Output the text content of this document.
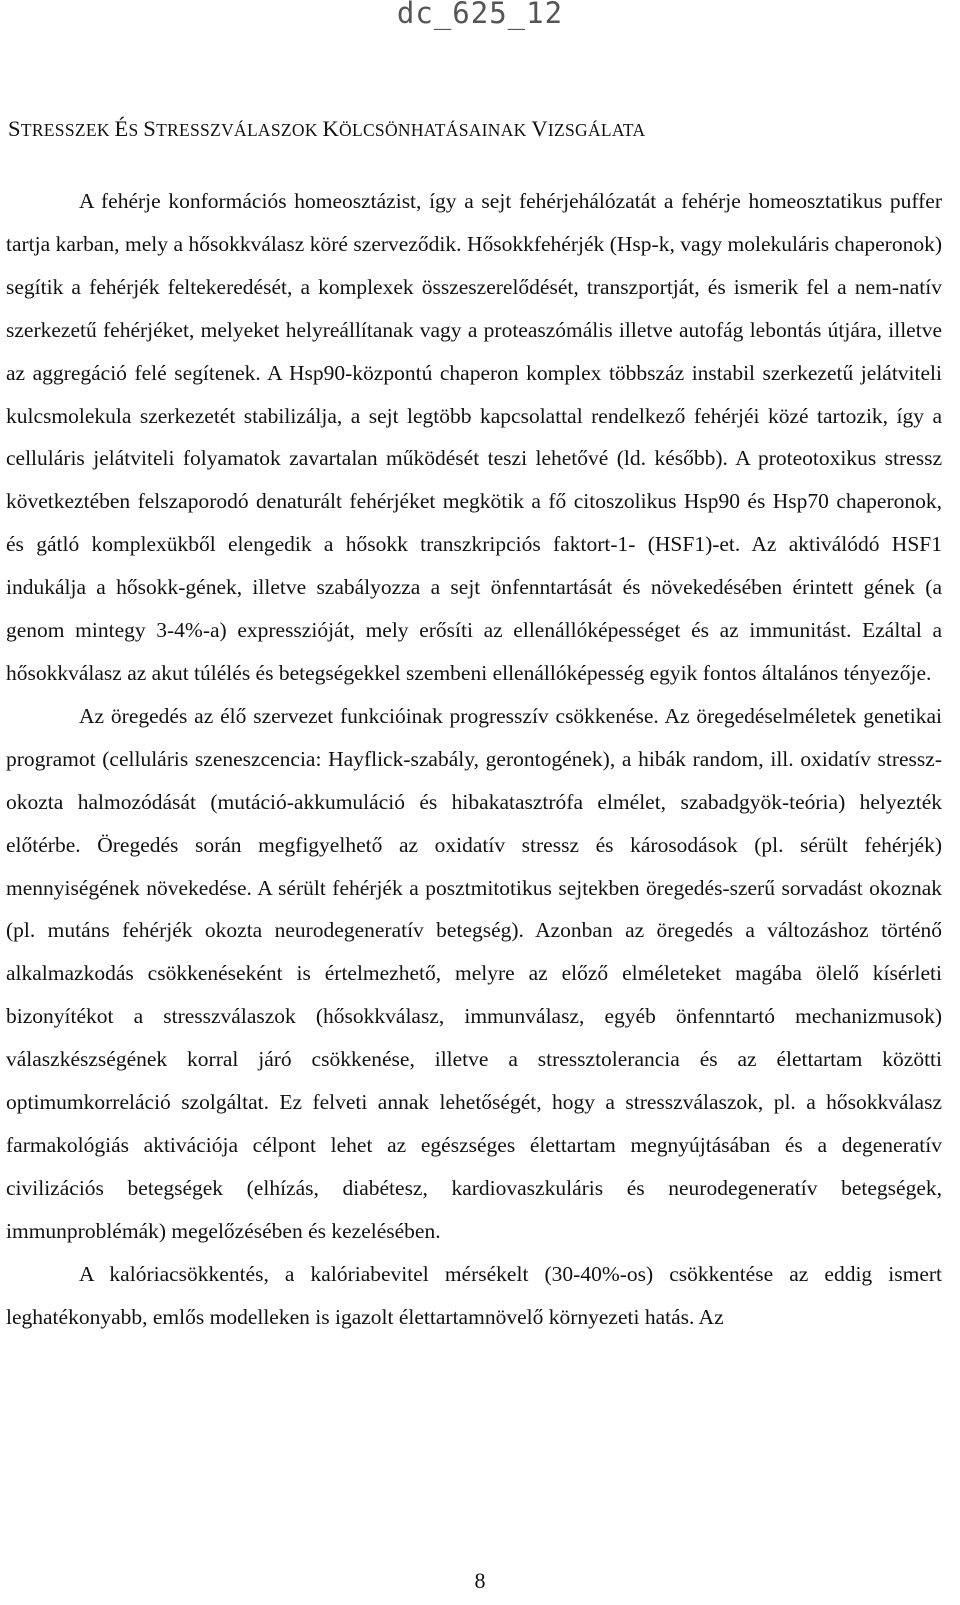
dc_625_12
STRESSZEK ÉS STRESSZVÁLASZOK KÖLCSÖNHATÁSAINAK VIZSGÁLATA

A fehérje konformációs homeosztázist, így a sejt fehérjehálózatát a fehérje homeosztatikus puffer tartja karban, mely a hősokkválasz köré szerveződik. Hősokkfehérjék (Hsp-k, vagy molekuláris chaperonok) segítik a fehérjék feltekeredését, a komplexek összeszerelődését, transzportját, és ismerik fel a nem-natív szerkezetű fehérjéket, melyeket helyreállítanak vagy a proteaszómális illetve autofág lebontás útjára, illetve az aggregáció felé segítenek. A Hsp90-központú chaperon komplex többszáz instabil szerkezetű jelátviteli kulcsmolekula szerkezetét stabilizálja, a sejt legtöbb kapcsolattal rendelkező fehérjéi közé tartozik, így a celluláris jelátviteli folyamatok zavartalan működését teszi lehetővé (ld. később). A proteotoxikus stressz következtében felszaporodó denaturált fehérjéket megkötik a fő citoszolikus Hsp90 és Hsp70 chaperonok, és gátló komplexükből elengedik a hősokk transzkripciós faktort-1- (HSF1)-et. Az aktiválódó HSF1 indukálja a hősokk-gének, illetve szabályozza a sejt önfenntartását és növekedésében érintett gének (a genom mintegy 3-4%-a) expresszióját, mely erősíti az ellenállóképességet és az immunitást. Ezáltal a hősokkválasz az akut túlélés és betegségekkel szembeni ellenállóképesség egyik fontos általános tényezője.

Az öregedés az élő szervezet funkcióinak progresszív csökkenése. Az öregedéselméletek genetikai programot (celluláris szeneszcencia: Hayflick-szabály, gerontogének), a hibák random, ill. oxidatív stressz-okozta halmozódását (mutáció-akkumuláció és hibakatasztrófa elmélet, szabadgyök-teória) helyezték előtérbe. Öregedés során megfigyelhető az oxidatív stressz és károsodások (pl. sérült fehérjék) mennyiségének növekedése. A sérült fehérjék a posztmitotikus sejtekben öregedés-szerű sorvadást okoznak (pl. mutáns fehérjék okozta neurodegeneratív betegség). Azonban az öregedés a változáshoz történő alkalmazkodás csökkenéseként is értelmezhető, melyre az előző elméleteket magába ölelő kísérleti bizonyítékot a stresszválaszok (hősokkválasz, immunválasz, egyéb önfenntartó mechanizmusok) válaszkészségének korral járó csökkenése, illetve a stressztolerancia és az élettartam közötti optimumkorreláció szolgáltat. Ez felveti annak lehetőségét, hogy a stresszválaszok, pl. a hősokkválasz farmakológiás aktivációja célpont lehet az egészséges élettartam megnyújtásában és a degeneratív civilizációs betegségek (elhízás, diabétesz, kardiovaszkuláris és neurodegeneratív betegségek, immunproblémák) megelőzésében és kezelésében.

A kalóriacsökkentés, a kalóriabevitel mérsékelt (30-40%-os) csökkentése az eddig ismert leghatékonyabb, emlős modelleken is igazolt élettartamnövelő környezeti hatás. Az

8
